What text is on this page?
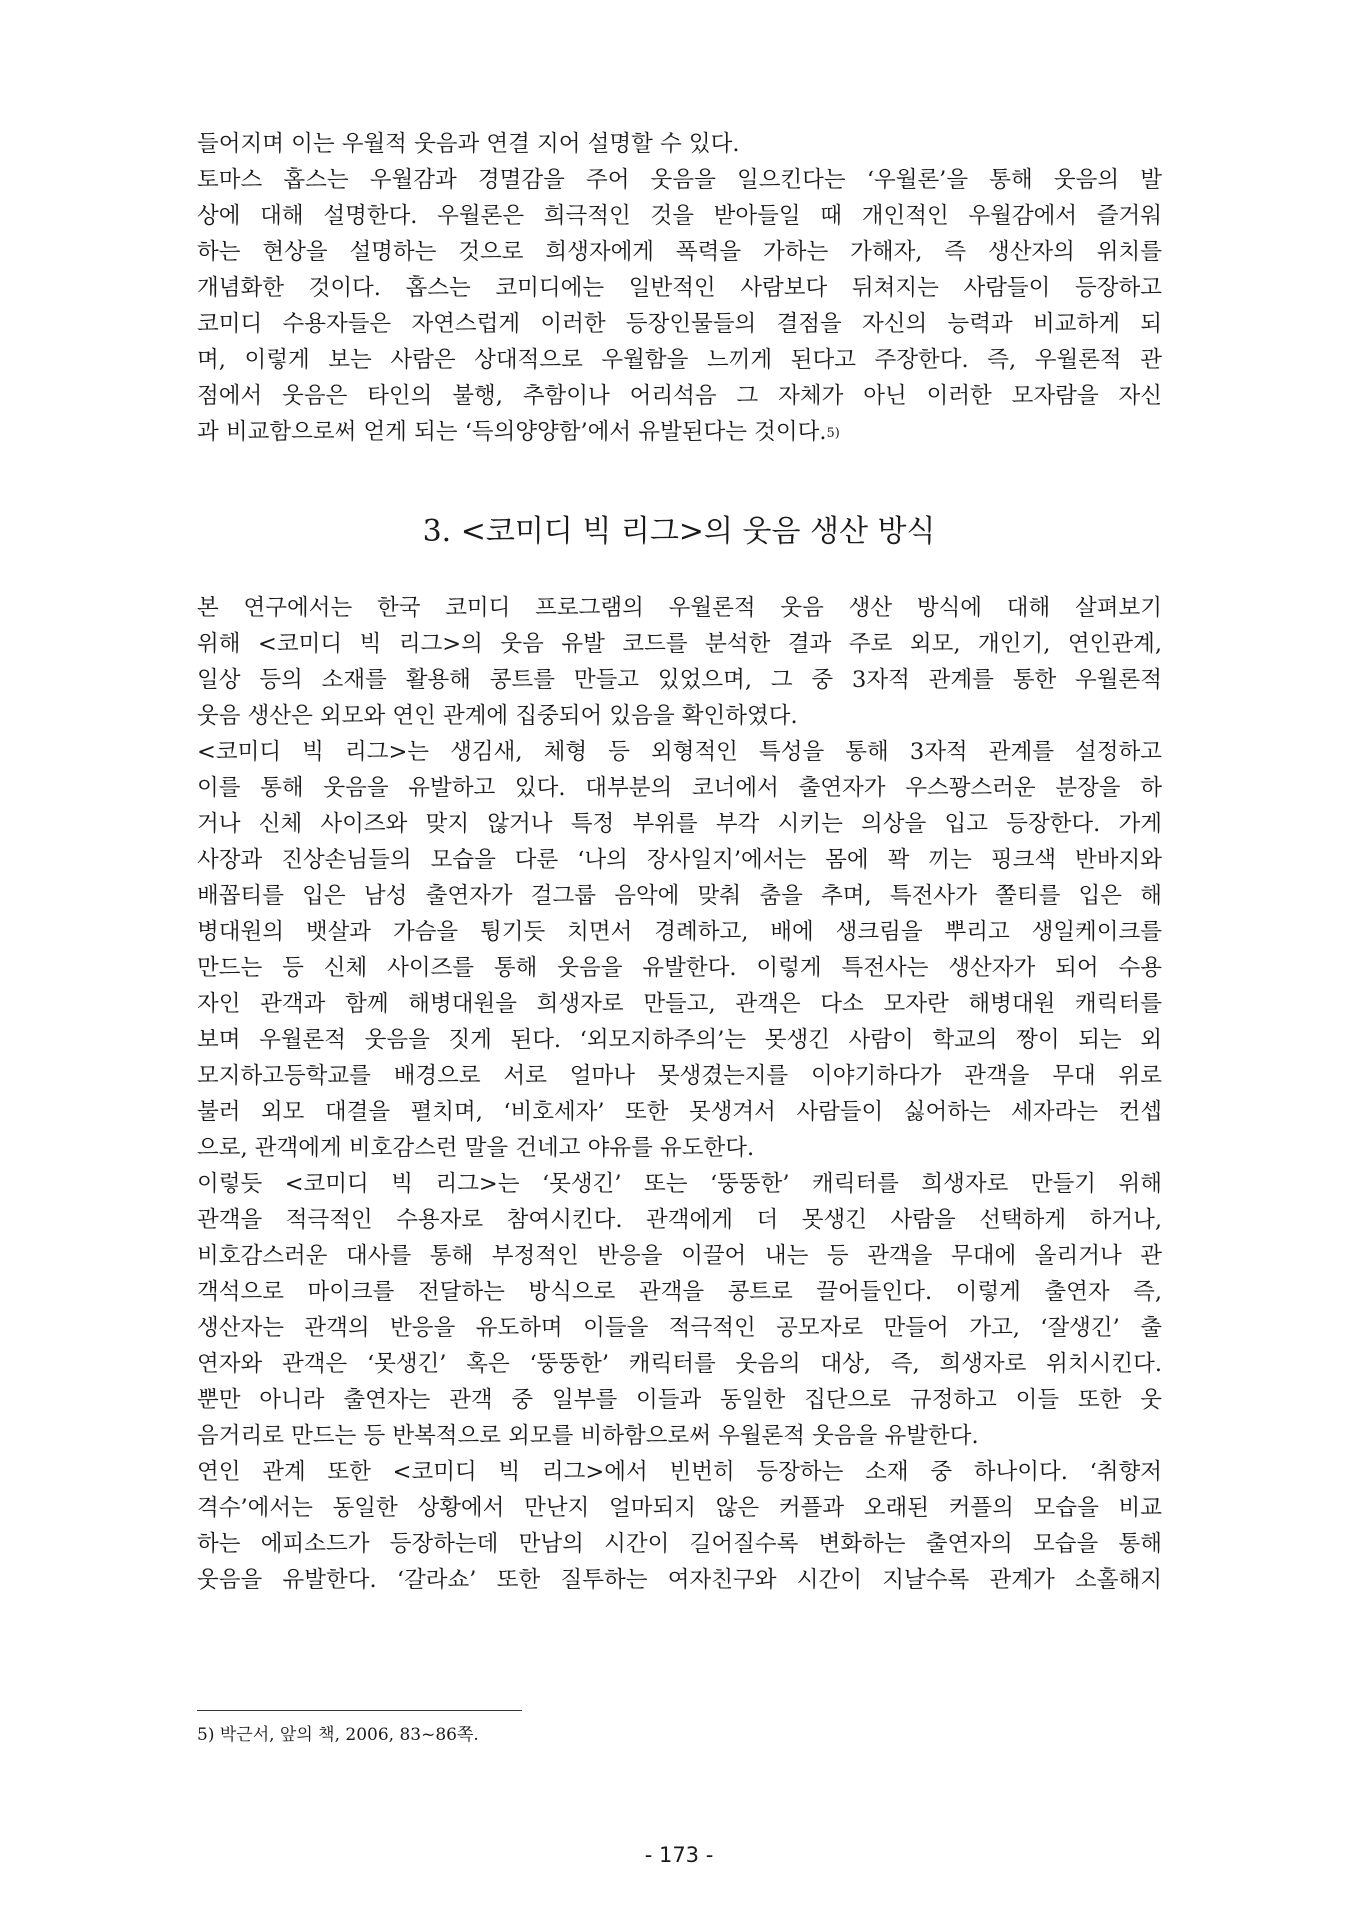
들어지며 이는 우월적 웃음과 연결 지어 설명할 수 있다.
토마스 홉스는 우월감과 경멸감을 주어 웃음을 일으킨다는 ‘우월론’을 통해 웃음의 발
상에 대해 설명한다. 우월론은 희극적인 것을 받아들일 때 개인적인 우월감에서 즐거워
하는 현상을 설명하는 것으로 희생자에게 폭력을 가하는 가해자, 즉 생산자의 위치를
개념화한 것이다. 홉스는 코미디에는 일반적인 사람보다 뒤쳐지는 사람들이 등장하고
코미디 수용자들은 자연스럽게 이러한 등장인물들의 결점을 자신의 능력과 비교하게 되
며, 이렇게 보는 사람은 상대적으로 우월함을 느끼게 된다고 주장한다. 즉, 우월론적 관
점에서 웃음은 타인의 불행, 추함이나 어리석음 그 자체가 아닌 이러한 모자람을 자신
과 비교함으로써 얻게 되는 ‘득의양양함’에서 유발된다는 것이다.$^{5)}$
3. <코미디 빅 리그>의 웃음 생산 방식
본 연구에서는 한국 코미디 프로그램의 우월론적 웃음 생산 방식에 대해 살펴보기
위해 <코미디 빅 리그>의 웃음 유발 코드를 분석한 결과 주로 외모, 개인기, 연인관계,
일상 등의 소재를 활용해 콩트를 만들고 있었으며, 그 중 3자적 관계를 통한 우월론적
웃음 생산은 외모와 연인 관계에 집중되어 있음을 확인하였다.
<코미디 빅 리그>는 생김새, 체형 등 외형적인 특성을 통해 3자적 관계를 설정하고
이를 통해 웃음을 유발하고 있다. 대부분의 코너에서 출연자가 우스꽝스러운 분장을 하
거나 신체 사이즈와 맞지 않거나 특정 부위를 부각 시키는 의상을 입고 등장한다. 가게
사장과 진상손님들의 모습을 다룬 ‘나의 장사일지’에서는 몸에 꽉 끼는 핑크색 반바지와
배꼽티를 입은 남성 출연자가 걸그룹 음악에 맞춰 춤을 추며, 특전사가 쫄티를 입은 해
병대원의 뱃살과 가슴을 튕기듯 치면서 경례하고, 배에 생크림을 뿌리고 생일케이크를
만드는 등 신체 사이즈를 통해 웃음을 유발한다. 이렇게 특전사는 생산자가 되어 수용
자인 관객과 함께 해병대원을 희생자로 만들고, 관객은 다소 모자란 해병대원 캐릭터를
보며 우월론적 웃음을 짓게 된다. ‘외모지하주의’는 못생긴 사람이 학교의 짱이 되는 외
모지하고등학교를 배경으로 서로 얼마나 못생겼는지를 이야기하다가 관객을 무대 위로
불러 외모 대결을 펼치며, ‘비호세자’ 또한 못생겨서 사람들이 싫어하는 세자라는 컨셉
으로, 관객에게 비호감스런 말을 건네고 야유를 유도한다.
이렇듯 <코미디 빅 리그>는 ‘못생긴’ 또는 ‘뚱뚱한’ 캐릭터를 희생자로 만들기 위해
관객을 적극적인 수용자로 참여시킨다. 관객에게 더 못생긴 사람을 선택하게 하거나,
비호감스러운 대사를 통해 부정적인 반응을 이끌어 내는 등 관객을 무대에 올리거나 관
객석으로 마이크를 전달하는 방식으로 관객을 콩트로 끌어들인다. 이렇게 출연자 즉,
생산자는 관객의 반응을 유도하며 이들을 적극적인 공모자로 만들어 가고, ‘잘생긴’ 출
연자와 관객은 ‘못생긴’ 혹은 ‘뚱뚱한’ 캐릭터를 웃음의 대상, 즉, 희생자로 위치시킨다.
뿐만 아니라 출연자는 관객 중 일부를 이들과 동일한 집단으로 규정하고 이들 또한 웃
음거리로 만드는 등 반복적으로 외모를 비하함으로써 우월론적 웃음을 유발한다.
연인 관계 또한 <코미디 빅 리그>에서 빈번히 등장하는 소재 중 하나이다. ‘취향저
격수’에서는 동일한 상황에서 만난지 얼마되지 않은 커플과 오래된 커플의 모습을 비교
하는 에피소드가 등장하는데 만남의 시간이 길어질수록 변화하는 출연자의 모습을 통해
웃음을 유발한다. ‘갈라쇼’ 또한 질투하는 여자친구와 시간이 지날수록 관계가 소홀해지
5) 박근서, 앞의 책, 2006, 83~86쪽.
- 173 -
